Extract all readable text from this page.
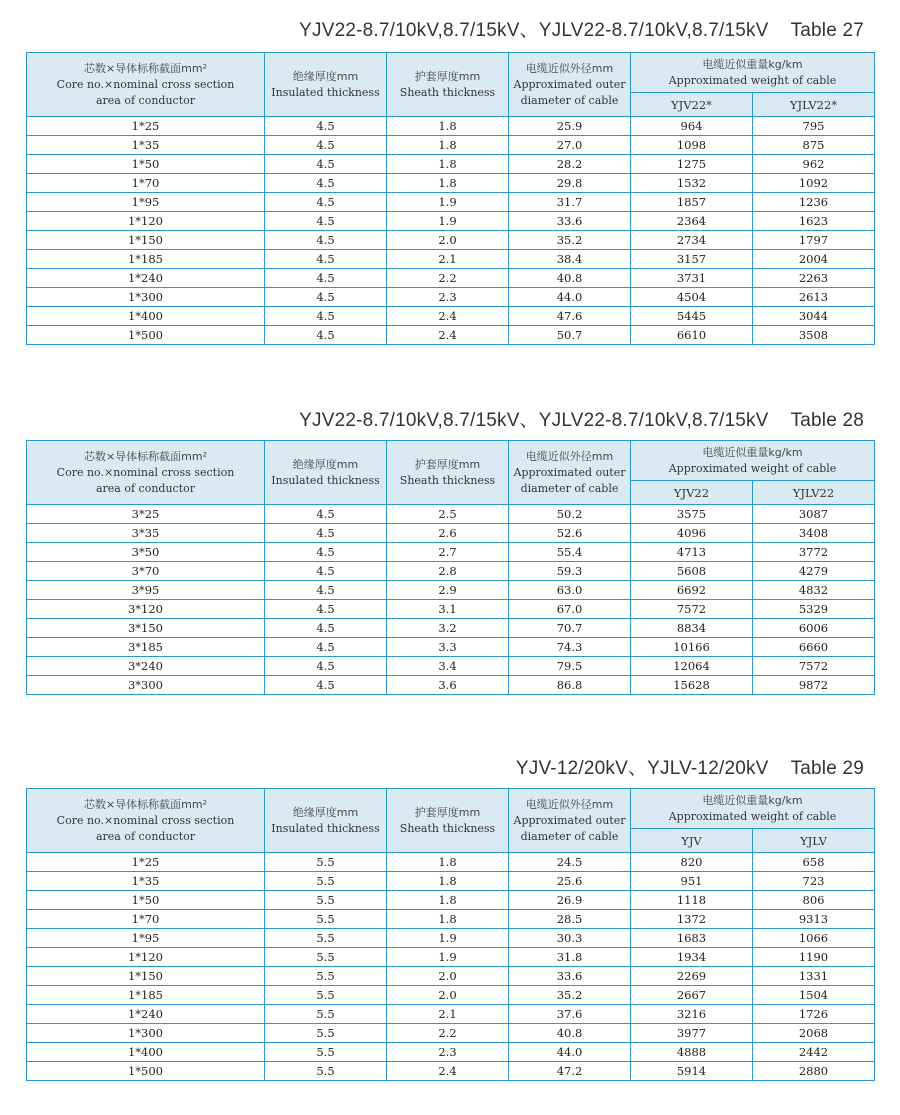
YJV22-8.7/10kV,8.7/15kV、YJLV22-8.7/10kV,8.7/15kV Table 27
芯数×导体标称截面mm²
Core no.×nominal cross section
area of conductor	绝缘厚度mm
Insulated thickness	护套厚度mm
Sheath thickness	电缆近似外径mm
Approximated outer
diameter of cable	电缆近似重量kg/km
Approximated weight of cable	

				YJV22*	YJLV22*
1*25	4.5	1.8	25.9	964	795
1*35	4.5	1.8	27.0	1098	875
1*50	4.5	1.8	28.2	1275	962
1*70	4.5	1.8	29.8	1532	1092
1*95	4.5	1.9	31.7	1857	1236
1*120	4.5	1.9	33.6	2364	1623
1*150	4.5	2.0	35.2	2734	1797
1*185	4.5	2.1	38.4	3157	2004
1*240	4.5	2.2	40.8	3731	2263
1*300	4.5	2.3	44.0	4504	2613
1*400	4.5	2.4	47.6	5445	3044
1*500	4.5	2.4	50.7	6610	3508
YJV22-8.7/10kV,8.7/15kV、YJLV22-8.7/10kV,8.7/15kV Table 28
芯数×导体标称截面mm²
Core no.×nominal cross section
area of conductor	绝缘厚度mm
Insulated thickness	护套厚度mm
Sheath thickness	电缆近似外径mm
Approximated outer
diameter of cable	电缆近似重量kg/km
Approximated weight of cable	

				YJV22	YJLV22
3*25	4.5	2.5	50.2	3575	3087
3*35	4.5	2.6	52.6	4096	3408
3*50	4.5	2.7	55.4	4713	3772
3*70	4.5	2.8	59.3	5608	4279
3*95	4.5	2.9	63.0	6692	4832
3*120	4.5	3.1	67.0	7572	5329
3*150	4.5	3.2	70.7	8834	6006
3*185	4.5	3.3	74.3	10166	6660
3*240	4.5	3.4	79.5	12064	7572
3*300	4.5	3.6	86.8	15628	9872
YJV-12/20kV、YJLV-12/20kV Table 29
芯数×导体标称截面mm²
Core no.×nominal cross section
area of conductor	绝缘厚度mm
Insulated thickness	护套厚度mm
Sheath thickness	电缆近似外径mm
Approximated outer
diameter of cable	电缆近似重量kg/km
Approximated weight of cable	

				YJV	YJLV
1*25	5.5	1.8	24.5	820	658
1*35	5.5	1.8	25.6	951	723
1*50	5.5	1.8	26.9	1118	806
1*70	5.5	1.8	28.5	1372	9313
1*95	5.5	1.9	30.3	1683	1066
1*120	5.5	1.9	31.8	1934	1190
1*150	5.5	2.0	33.6	2269	1331
1*185	5.5	2.0	35.2	2667	1504
1*240	5.5	2.1	37.6	3216	1726
1*300	5.5	2.2	40.8	3977	2068
1*400	5.5	2.3	44.0	4888	2442
1*500	5.5	2.4	47.2	5914	2880
